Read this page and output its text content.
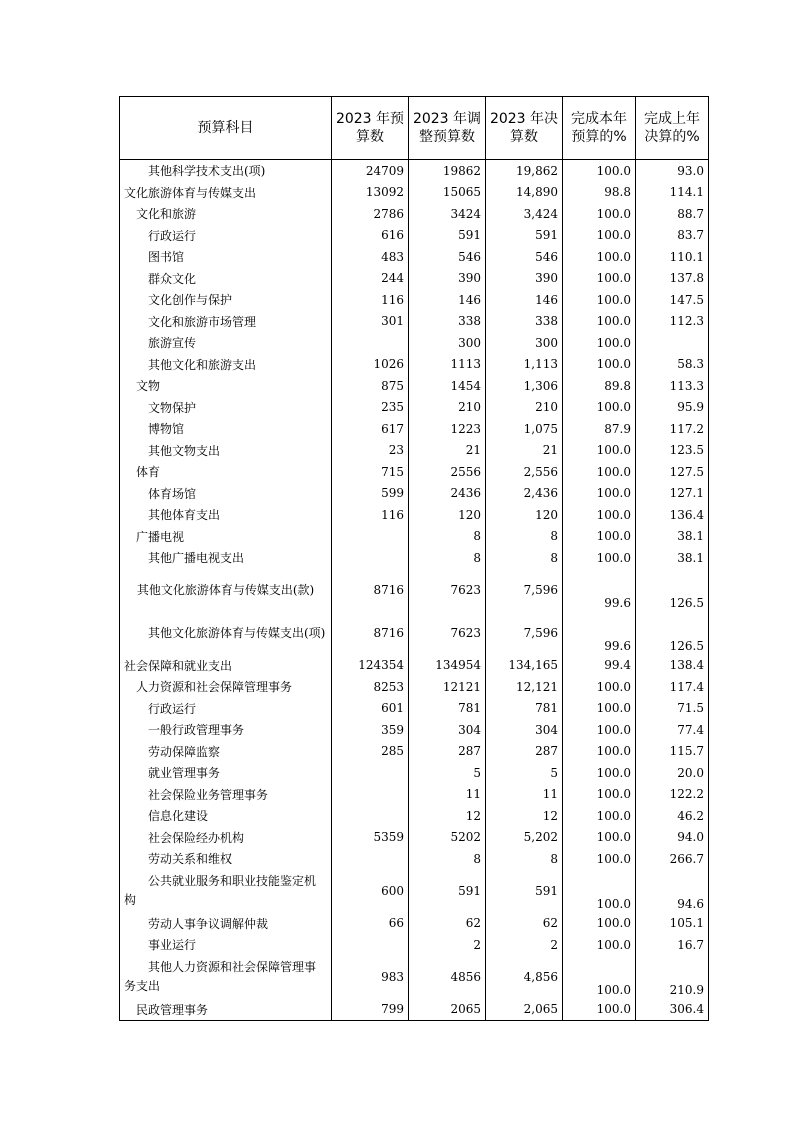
预算科目	2023 年预算数	2023 年调整预算数	2023 年决算数	完成本年预算的%	完成上年决算的%
其他科学技术支出(项)	24709	19862	19,862	100.0	93.0
文化旅游体育与传媒支出	13092	15065	14,890	98.8	114.1
文化和旅游	2786	3424	3,424	100.0	88.7
行政运行	616	591	591	100.0	83.7
图书馆	483	546	546	100.0	110.1
群众文化	244	390	390	100.0	137.8
文化创作与保护	116	146	146	100.0	147.5
文化和旅游市场管理	301	338	338	100.0	112.3
旅游宣传		300	300	100.0	
其他文化和旅游支出	1026	1113	1,113	100.0	58.3
文物	875	1454	1,306	89.8	113.3
文物保护	235	210	210	100.0	95.9
博物馆	617	1223	1,075	87.9	117.2
其他文物支出	23	21	21	100.0	123.5
体育	715	2556	2,556	100.0	127.5
体育场馆	599	2436	2,436	100.0	127.1
其他体育支出	116	120	120	100.0	136.4
广播电视		8	8	100.0	38.1
其他广播电视支出		8	8	100.0	38.1
其他文化旅游体育与传媒支出(款)	8716	7623	7,596	99.6	126.5
其他文化旅游体育与传媒支出(项)	8716	7623	7,596	99.6	126.5
社会保障和就业支出	124354	134954	134,165	99.4	138.4
人力资源和社会保障管理事务	8253	12121	12,121	100.0	117.4
行政运行	601	781	781	100.0	71.5
一般行政管理事务	359	304	304	100.0	77.4
劳动保障监察	285	287	287	100.0	115.7
就业管理事务		5	5	100.0	20.0
社会保险业务管理事务		11	11	100.0	122.2
信息化建设		12	12	100.0	46.2
社会保险经办机构	5359	5202	5,202	100.0	94.0
劳动关系和维权		8	8	100.0	266.7
公共就业服务和职业技能鉴定机构	600	591	591	100.0	94.6
劳动人事争议调解仲裁	66	62	62	100.0	105.1
事业运行		2	2	100.0	16.7
其他人力资源和社会保障管理事务支出	983	4856	4,856	100.0	210.9
民政管理事务	799	2065	2,065	100.0	306.4
